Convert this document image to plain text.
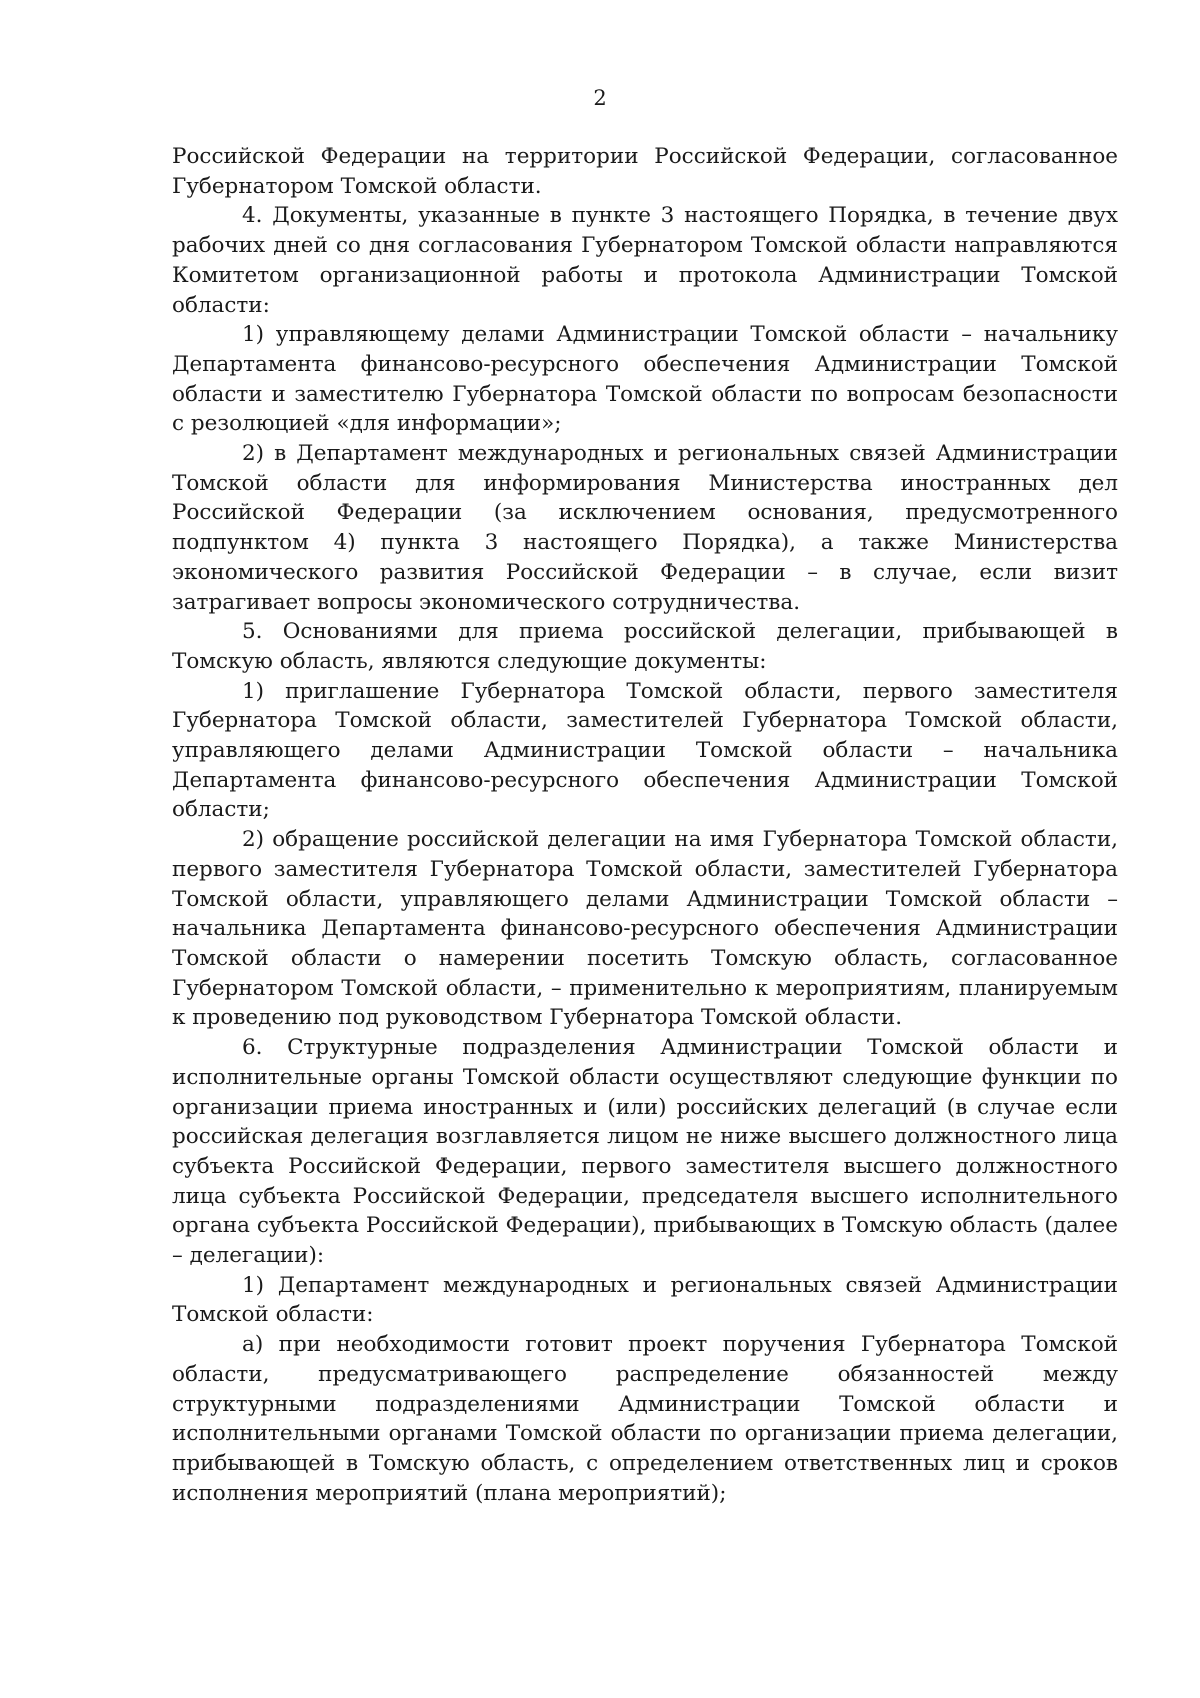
2

Российской Федерации на территории Российской Федерации, согласованное Губернатором Томской области.

4. Документы, указанные в пункте 3 настоящего Порядка, в течение двух рабочих дней со дня согласования Губернатором Томской области направляются Комитетом организационной работы и протокола Администрации Томской области:

1) управляющему делами Администрации Томской области – начальнику Департамента финансово-ресурсного обеспечения Администрации Томской области и заместителю Губернатора Томской области по вопросам безопасности с резолюцией «для информации»;

2) в Департамент международных и региональных связей Администрации Томской области для информирования Министерства иностранных дел Российской Федерации (за исключением основания, предусмотренного подпунктом 4) пункта 3 настоящего Порядка), а также Министерства экономического развития Российской Федерации – в случае, если визит затрагивает вопросы экономического сотрудничества.

5. Основаниями для приема российской делегации, прибывающей в Томскую область, являются следующие документы:

1) приглашение Губернатора Томской области, первого заместителя Губернатора Томской области, заместителей Губернатора Томской области, управляющего делами Администрации Томской области – начальника Департамента финансово-ресурсного обеспечения Администрации Томской области;

2) обращение российской делегации на имя Губернатора Томской области, первого заместителя Губернатора Томской области, заместителей Губернатора Томской области, управляющего делами Администрации Томской области – начальника Департамента финансово-ресурсного обеспечения Администрации Томской области о намерении посетить Томскую область, согласованное Губернатором Томской области, – применительно к мероприятиям, планируемым к проведению под руководством Губернатора Томской области.

6. Структурные подразделения Администрации Томской области и исполнительные органы Томской области осуществляют следующие функции по организации приема иностранных и (или) российских делегаций (в случае если российская делегация возглавляется лицом не ниже высшего должностного лица субъекта Российской Федерации, первого заместителя высшего должностного лица субъекта Российской Федерации, председателя высшего исполнительного органа субъекта Российской Федерации), прибывающих в Томскую область (далее – делегации):

1) Департамент международных и региональных связей Администрации Томской области:

а) при необходимости готовит проект поручения Губернатора Томской области, предусматривающего распределение обязанностей между структурными подразделениями Администрации Томской области и исполнительными органами Томской области по организации приема делегации, прибывающей в Томскую область, с определением ответственных лиц и сроков исполнения мероприятий (плана мероприятий);
